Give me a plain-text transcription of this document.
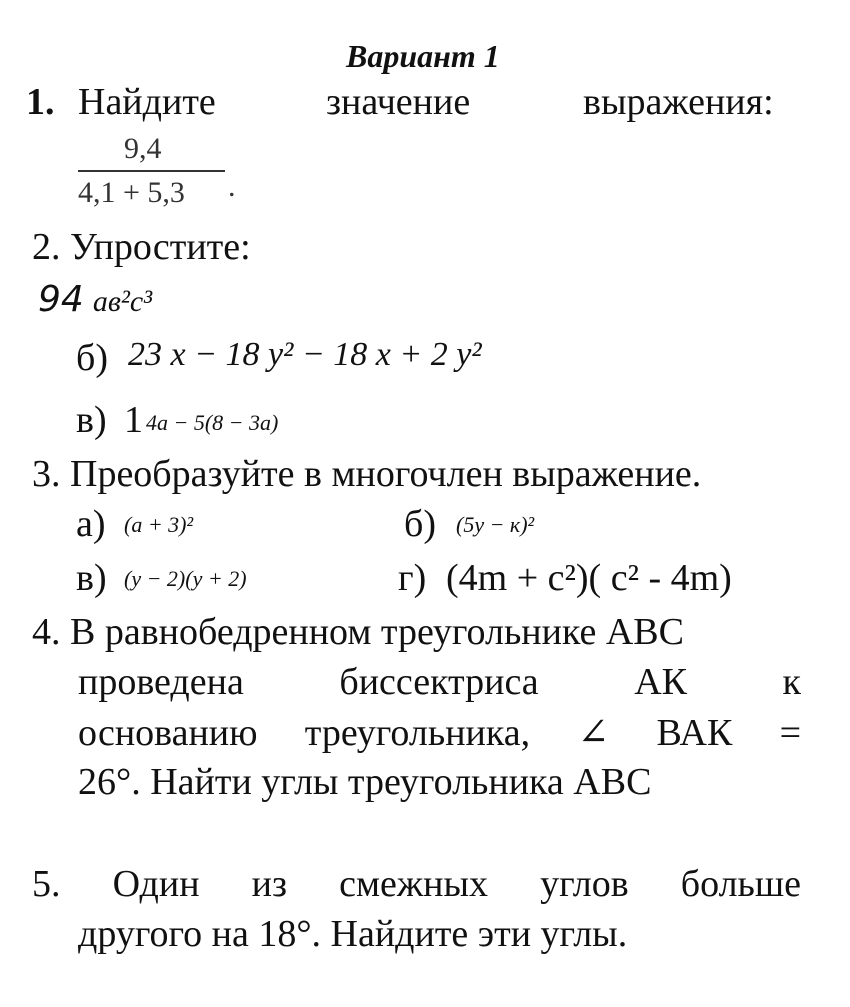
Вариант 1
1. Найдите	значение	выражения:
9,4
4,1 + 5,3 .
2. Упростите:
94 ав²с³
б) 23 x − 18 y² − 18 x + 2 y²
в) 1 4a − 5(8 − 3a)
3. Преобразуйте в многочлен выражение.
а) (a + 3)²	б) (5y − к)²
в) (y − 2)(y + 2)	г) (4m + c²)( c² - 4m)
4. В равнобедренном треугольнике АВС
проведена биссектриса АК к
основанию треугольника, ∠ ВАК =
26°. Найти углы треугольника АВС
5. Один из смежных углов больше
другого на 18°. Найдите эти углы.
